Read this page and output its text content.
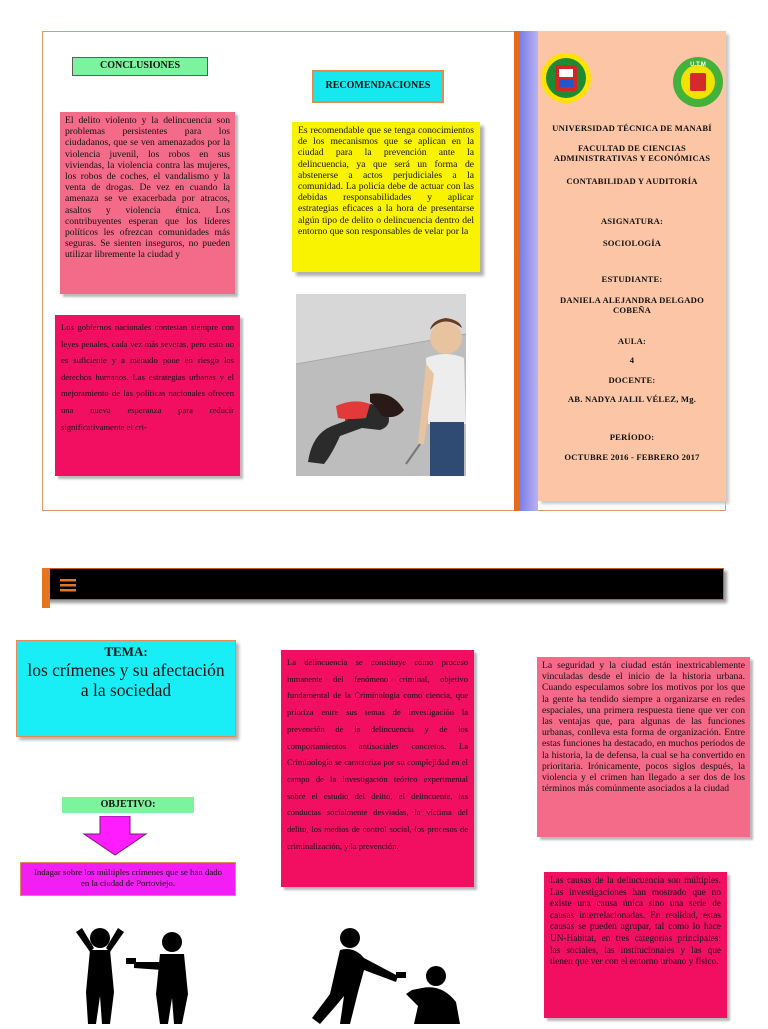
CONCLUSIONES
RECOMENDACIONES
El delito violento y la delincuencia son problemas persistentes para los ciudadanos, que se ven amenazados por la violencia juvenil, los robos en sus viviendas, la violencia contra las mujeres, los robos de coches, el vandalismo y la venta de drogas. De vez en cuando la amenaza se ve exacerbada por atracos, asaltos y violencia étnica. Los contribuyentes esperan que los líderes políticos les ofrezcan comunidades más seguras. Se sienten inseguros, no pueden utilizar libremente la ciudad y
Los gobiernos nacionales contestan siempre con leyes penales, cada vez más severas, pero esto no es suficiente y a menudo pone en riesgo los derechos humanos. Las estrategias urbanas y el mejoramiento de las políticas nacionales ofrecen una nueva esperanza para reducir significativamente el cri-
Es recomendable que se tenga conocimientos de los mecanismos que se aplican en la ciudad para la prevención ante la delincuencia, ya que será un forma de abstenerse a actos perjudiciales a la comunidad. La policía debe de actuar con las debidas responsabilidades y aplicar estrategias eficaces a la hora de presentarse algún tipo de delito o delincuencia dentro del entorno que son responsables de velar por la

UNIVERSIDAD TÉCNICA DE MANABÍ

FACULTAD DE CIENCIAS ADMINISTRATIVAS Y ECONÓMICAS

CONTABILIDAD Y AUDITORÍA

ASIGNATURA:

SOCIOLOGÍA

ESTUDIANTE:

DANIELA ALEJANDRA DELGADO COBEÑA

AULA:

4

DOCENTE:

AB. NADYA JALIL VÉLEZ, Mg.

PERÍODO:

OCTUBRE 2016 - FEBRERO 2017

U.T.M
TEMA:
los crímenes y su afectación a la sociedad
OBJETIVO:
Indagar sobre los múltiples crímenes que se han dado en la ciudad de Portoviejo.
La delincuencia se constituye como proceso inmanente del fenómeno criminal, objetivo fundamental de la Criminología como ciencia, que prioriza entre sus temas de investigación la prevención de la delincuencia y de los comportamientos antisociales concretos. La Criminología se caracteriza por su complejidad en el campo de la investigación teórico experimental sobre el estudio del delito, el delincuente, las conductas socialmente desviadas, la víctima del delito, los medios de control social, los procesos de criminalización, y la prevención.
La seguridad y la ciudad están inextricablemente vinculadas desde el inicio de la historia urbana. Cuando especulamos sobre los motivos por los que la gente ha tendido siempre a organizarse en redes espaciales, una primera respuesta tiene que ver con las ventajas que, para algunas de las funciones urbanas, conlleva esta forma de organización. Entre estas funciones ha destacado, en muchos períodos de la historia, la de defensa, la cual se ha convertido en prioritaria. Irónicamente, pocos siglos después, la violencia y el crimen han llegado a ser dos de los términos más comúnmente asociados a la ciudad
Las causas de la delincuencia son múltiples. Las investigaciones han mostrado que no existe una causa única sino una serie de causas interrelacionadas. En realidad, estas causas se pueden agrupar, tal como lo hace UN-Habitat, en tres categorías principales: las sociales, las institucionales y las que tienen que ver con el entorno urbano y físico.
